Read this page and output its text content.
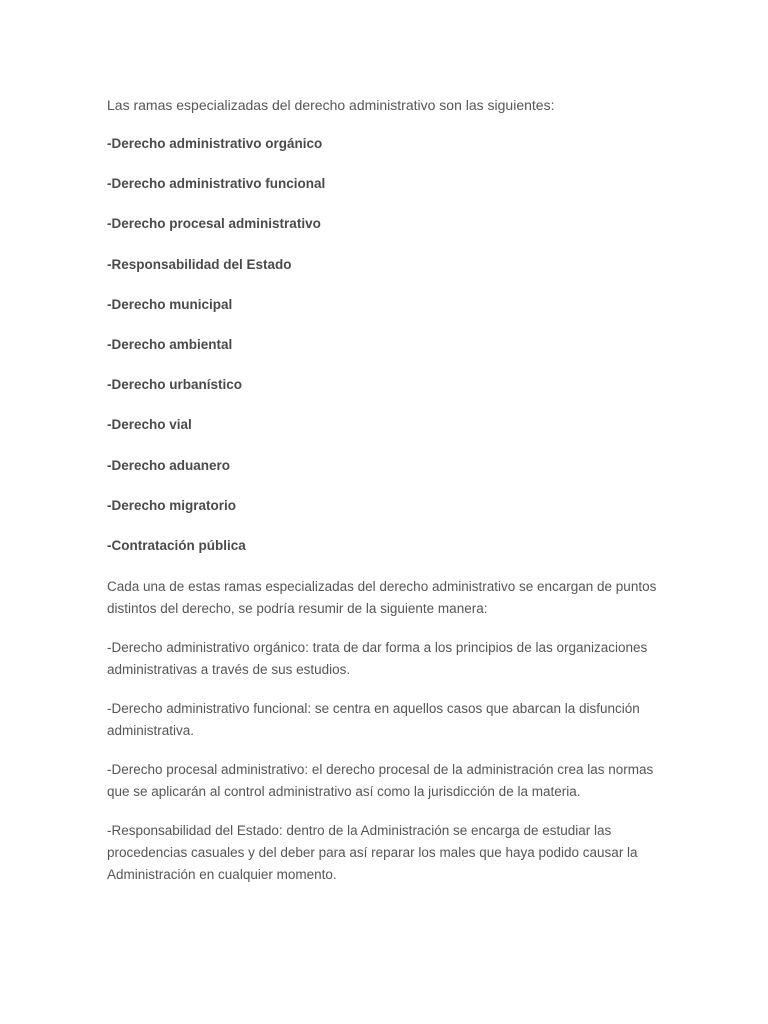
Las ramas especializadas del derecho administrativo son las siguientes:

-Derecho administrativo orgánico
-Derecho administrativo funcional
-Derecho procesal administrativo
-Responsabilidad del Estado
-Derecho municipal
-Derecho ambiental
-Derecho urbanístico
-Derecho vial
-Derecho aduanero
-Derecho migratorio
-Contratación pública

Cada una de estas ramas especializadas del derecho administrativo se encargan de puntos distintos del derecho, se podría resumir de la siguiente manera:

-Derecho administrativo orgánico: trata de dar forma a los principios de las organizaciones administrativas a través de sus estudios.

-Derecho administrativo funcional: se centra en aquellos casos que abarcan la disfunción administrativa.

-Derecho procesal administrativo: el derecho procesal de la administración crea las normas que se aplicarán al control administrativo así como la jurisdicción de la materia.

-Responsabilidad del Estado: dentro de la Administración se encarga de estudiar las procedencias casuales y del deber para así reparar los males que haya podido causar la Administración en cualquier momento.
